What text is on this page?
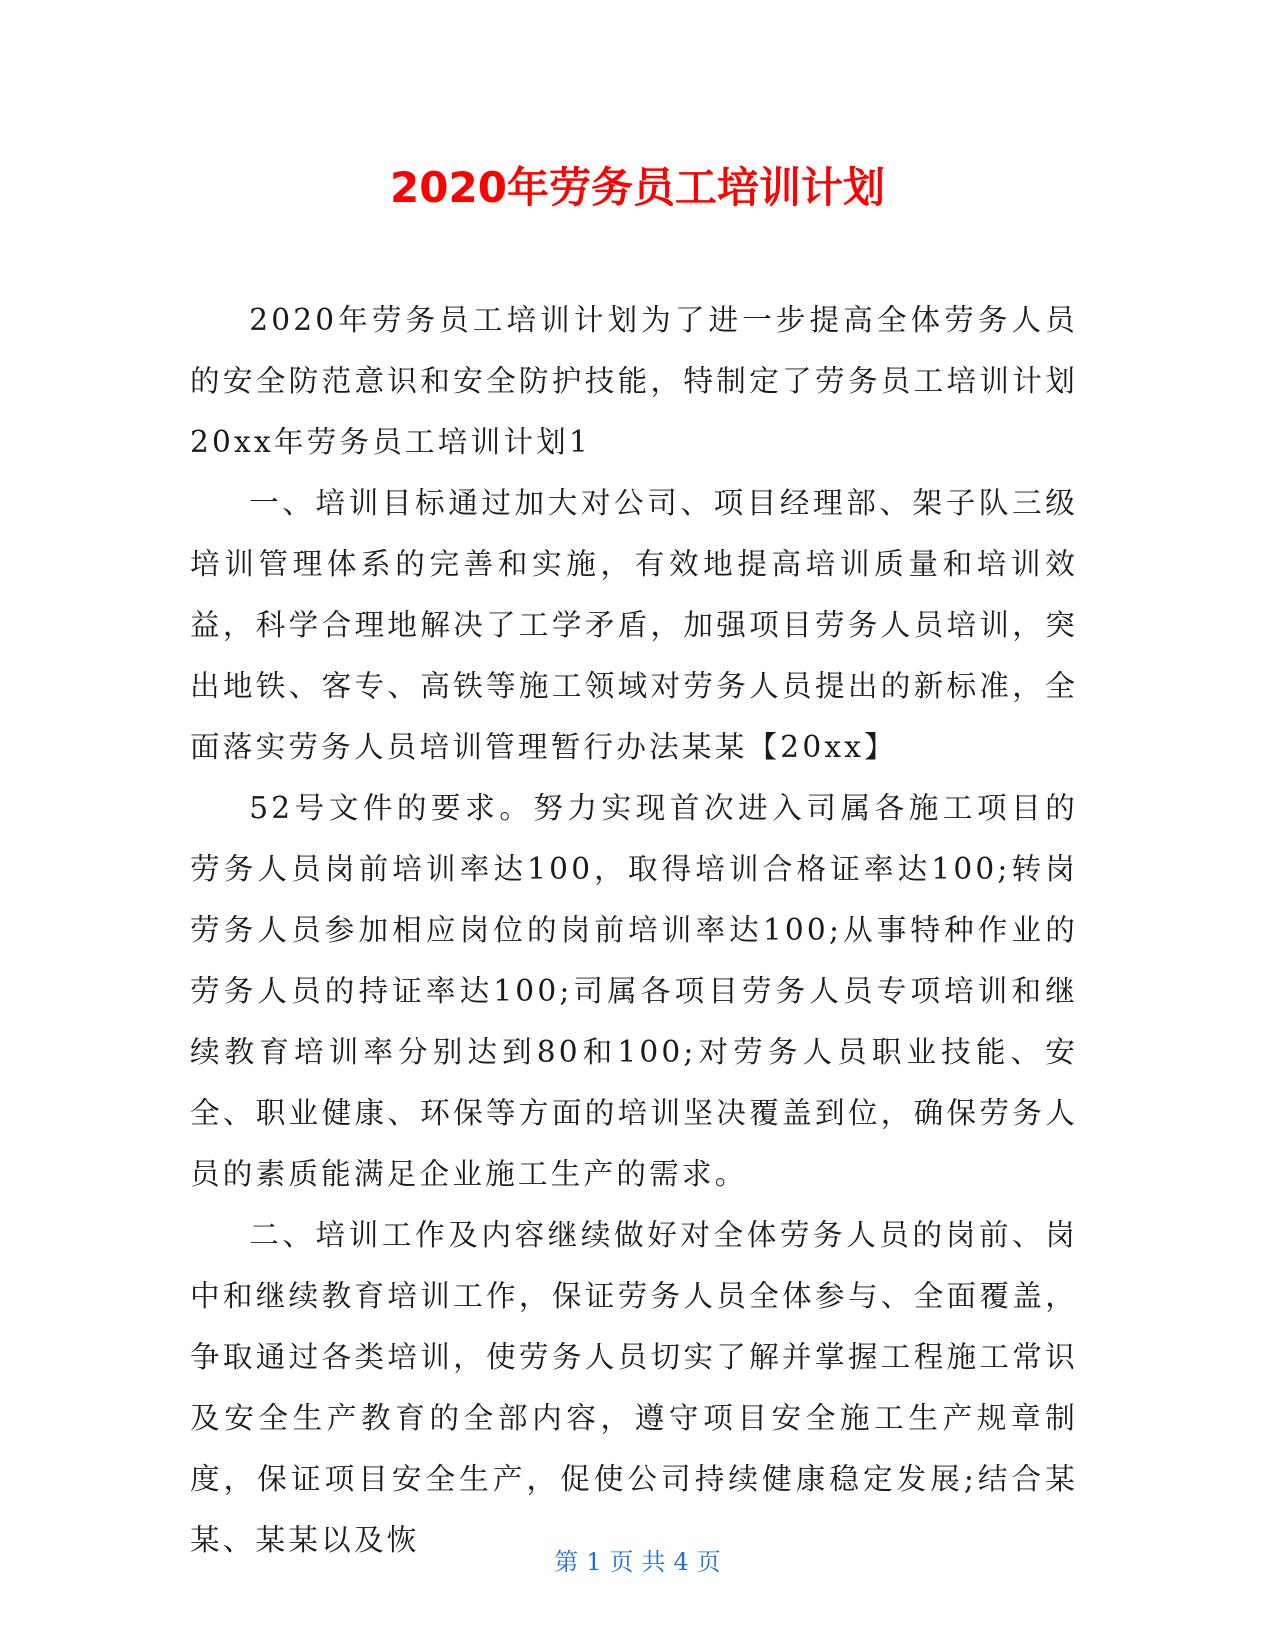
2020年劳务员工培训计划

2020年劳务员工培训计划为了进一步提高全体劳务人员的安全防范意识和安全防护技能，特制定了劳务员工培训计划20xx年劳务员工培训计划1

一、培训目标通过加大对公司、项目经理部、架子队三级培训管理体系的完善和实施，有效地提高培训质量和培训效益，科学合理地解决了工学矛盾，加强项目劳务人员培训，突出地铁、客专、高铁等施工领域对劳务人员提出的新标准，全面落实劳务人员培训管理暂行办法某某【20xx】

52号文件的要求。努力实现首次进入司属各施工项目的劳务人员岗前培训率达100，取得培训合格证率达100;转岗劳务人员参加相应岗位的岗前培训率达100;从事特种作业的劳务人员的持证率达100;司属各项目劳务人员专项培训和继续教育培训率分别达到80和100;对劳务人员职业技能、安全、职业健康、环保等方面的培训坚决覆盖到位，确保劳务人员的素质能满足企业施工生产的需求。

二、培训工作及内容继续做好对全体劳务人员的岗前、岗中和继续教育培训工作，保证劳务人员全体参与、全面覆盖，争取通过各类培训，使劳务人员切实了解并掌握工程施工常识及安全生产教育的全部内容，遵守项目安全施工生产规章制度，保证项目安全生产，促使公司持续健康稳定发展;结合某某、某某以及恢

第 1 页 共 4 页
